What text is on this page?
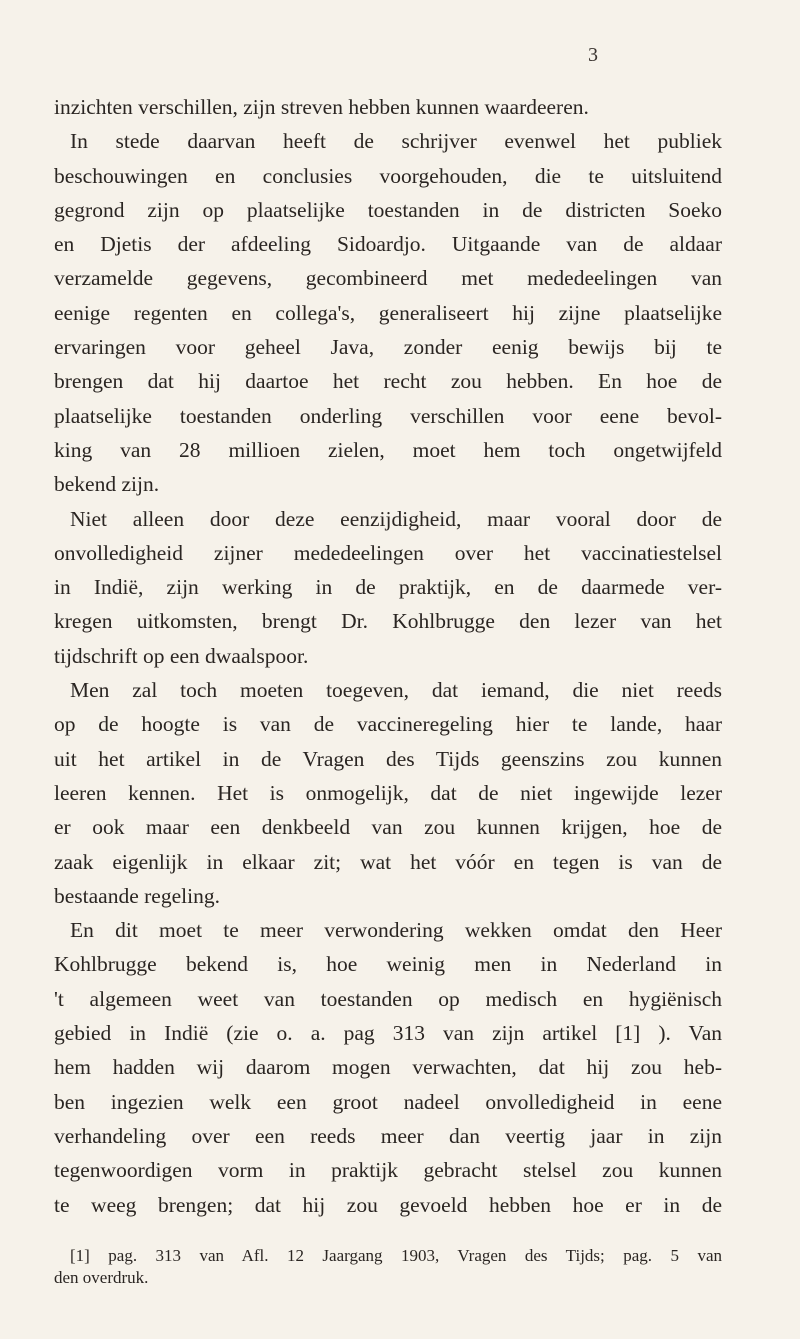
3
inzichten verschillen, zijn streven hebben kunnen waardeeren.
In stede daarvan heeft de schrijver evenwel het publiek
beschouwingen en conclusies voorgehouden, die te uitsluitend
gegrond zijn op plaatselijke toestanden in de districten Soeko
en Djetis der afdeeling Sidoardjo. Uitgaande van de aldaar
verzamelde gegevens, gecombineerd met mededeelingen van
eenige regenten en collega's, generaliseert hij zijne plaatselijke
ervaringen voor geheel Java, zonder eenig bewijs bij te
brengen dat hij daartoe het recht zou hebben. En hoe de
plaatselijke toestanden onderling verschillen voor eene bevol-
king van 28 millioen zielen, moet hem toch ongetwijfeld
bekend zijn.
Niet alleen door deze eenzijdigheid, maar vooral door de
onvolledigheid zijner mededeelingen over het vaccinatiestelsel
in Indië, zijn werking in de praktijk, en de daarmede ver-
kregen uitkomsten, brengt Dr. Kohlbrugge den lezer van het
tijdschrift op een dwaalspoor.
Men zal toch moeten toegeven, dat iemand, die niet reeds
op de hoogte is van de vaccineregeling hier te lande, haar
uit het artikel in de Vragen des Tijds geenszins zou kunnen
leeren kennen. Het is onmogelijk, dat de niet ingewijde lezer
er ook maar een denkbeeld van zou kunnen krijgen, hoe de
zaak eigenlijk in elkaar zit; wat het vóór en tegen is van de
bestaande regeling.
En dit moet te meer verwondering wekken omdat den Heer
Kohlbrugge bekend is, hoe weinig men in Nederland in
't algemeen weet van toestanden op medisch en hygiënisch
gebied in Indië (zie o. a. pag 313 van zijn artikel [1] ). Van
hem hadden wij daarom mogen verwachten, dat hij zou heb-
ben ingezien welk een groot nadeel onvolledigheid in eene
verhandeling over een reeds meer dan veertig jaar in zijn
tegenwoordigen vorm in praktijk gebracht stelsel zou kunnen
te weeg brengen; dat hij zou gevoeld hebben hoe er in de
[1] pag. 313 van Afl. 12 Jaargang 1903, Vragen des Tijds; pag. 5 van
den overdruk.
